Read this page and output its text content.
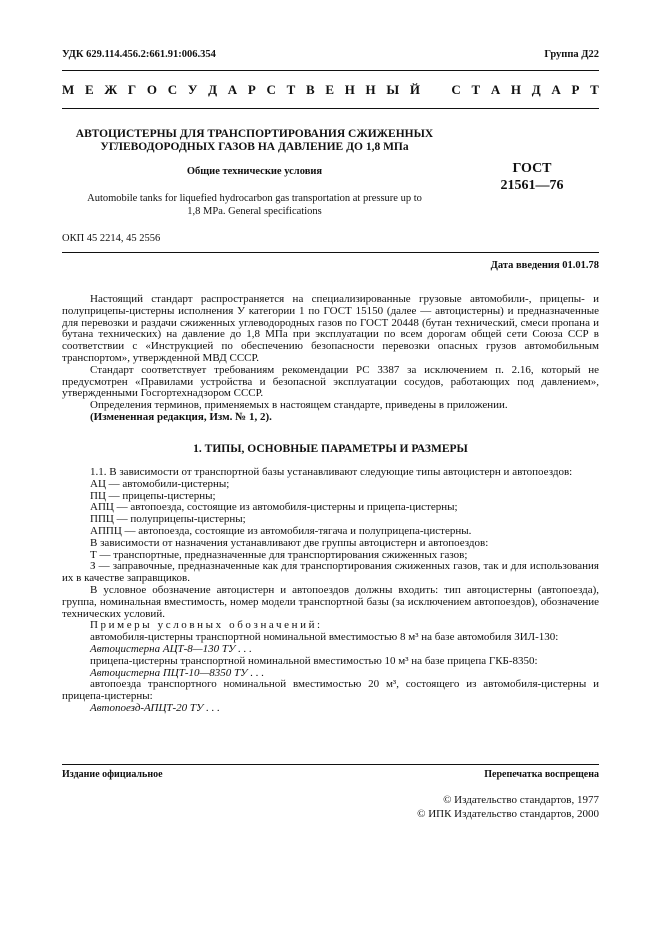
УДК 629.114.456.2:661.91:006.354	Группа Д22
М Е Ж Г О С У Д А Р С Т В Е Н Н Ы Й С Т А Н Д А Р Т
АВТОЦИСТЕРНЫ ДЛЯ ТРАНСПОРТИРОВАНИЯ СЖИЖЕННЫХ
УГЛЕВОДОРОДНЫХ ГАЗОВ НА ДАВЛЕНИЕ ДО 1,8 МПа
Общие технические условия
Automobile tanks for liquefied hydrocarbon gas transportation at pressure up to
1,8 MPa. General specifications
ГОСТ
21561—76
ОКП 45 2214, 45 2556
Дата введения 01.01.78

Настоящий стандарт распространяется на специализированные грузовые автомобили-, прицепы- и полуприцепы-цистерны исполнения У категории 1 по ГОСТ 15150 (далее — автоцистерны) и предназначенные для перевозки и раздачи сжиженных углеводородных газов по ГОСТ 20448 (бутан технический, смеси пропана и бутана технических) на давление до 1,8 МПа при эксплуатации по всем дорогам общей сети Союза ССР в соответствии с «Инструкцией по обеспечению безопасности перевозки опасных грузов автомобильным транспортом», утвержденной МВД СССР.

Стандарт соответствует требованиям рекомендации РС 3387 за исключением п. 2.16, который не предусмотрен «Правилами устройства и безопасной эксплуатации сосудов, работающих под давлением», утвержденными Госгортехнадзором СССР.

Определения терминов, применяемых в настоящем стандарте, приведены в приложении.

(Измененная редакция, Изм. № 1, 2).

1. ТИПЫ, ОСНОВНЫЕ ПАРАМЕТРЫ И РАЗМЕРЫ

1.1. В зависимости от транспортной базы устанавливают следующие типы автоцистерн и автопоездов:

АЦ — автомобили-цистерны;

ПЦ — прицепы-цистерны;

АПЦ — автопоезда, состоящие из автомобиля-цистерны и прицепа-цистерны;

ППЦ — полуприцепы-цистерны;

АППЦ — автопоезда, состоящие из автомобиля-тягача и полуприцепа-цистерны.

В зависимости от назначения устанавливают две группы автоцистерн и автопоездов:

Т — транспортные, предназначенные для транспортирования сжиженных газов;

З — заправочные, предназначенные как для транспортирования сжиженных газов, так и для использования их в качестве заправщиков.

В условное обозначение автоцистерн и автопоездов должны входить: тип автоцистерны (автопоезда), группа, номинальная вместимость, номер модели транспортной базы (за исключением автопоездов), обозначение технических условий.

Примеры условных обозначений:

автомобиля-цистерны транспортной номинальной вместимостью 8 м³ на базе автомобиля ЗИЛ-130:

Автоцистерна АЦТ-8—130 ТУ . . .

прицепа-цистерны транспортной номинальной вместимостью 10 м³ на базе прицепа ГКБ-8350:

Автоцистерна ПЦТ-10—8350 ТУ . . .

автопоезда транспортного номинальной вместимостью 20 м³, состоящего из автомобиля-цистерны и прицепа-цистерны:

Автопоезд-АПЦТ-20 ТУ . . .

Издание официальное	Перепечатка воспрещена
© Издательство стандартов, 1977
© ИПК Издательство стандартов, 2000
